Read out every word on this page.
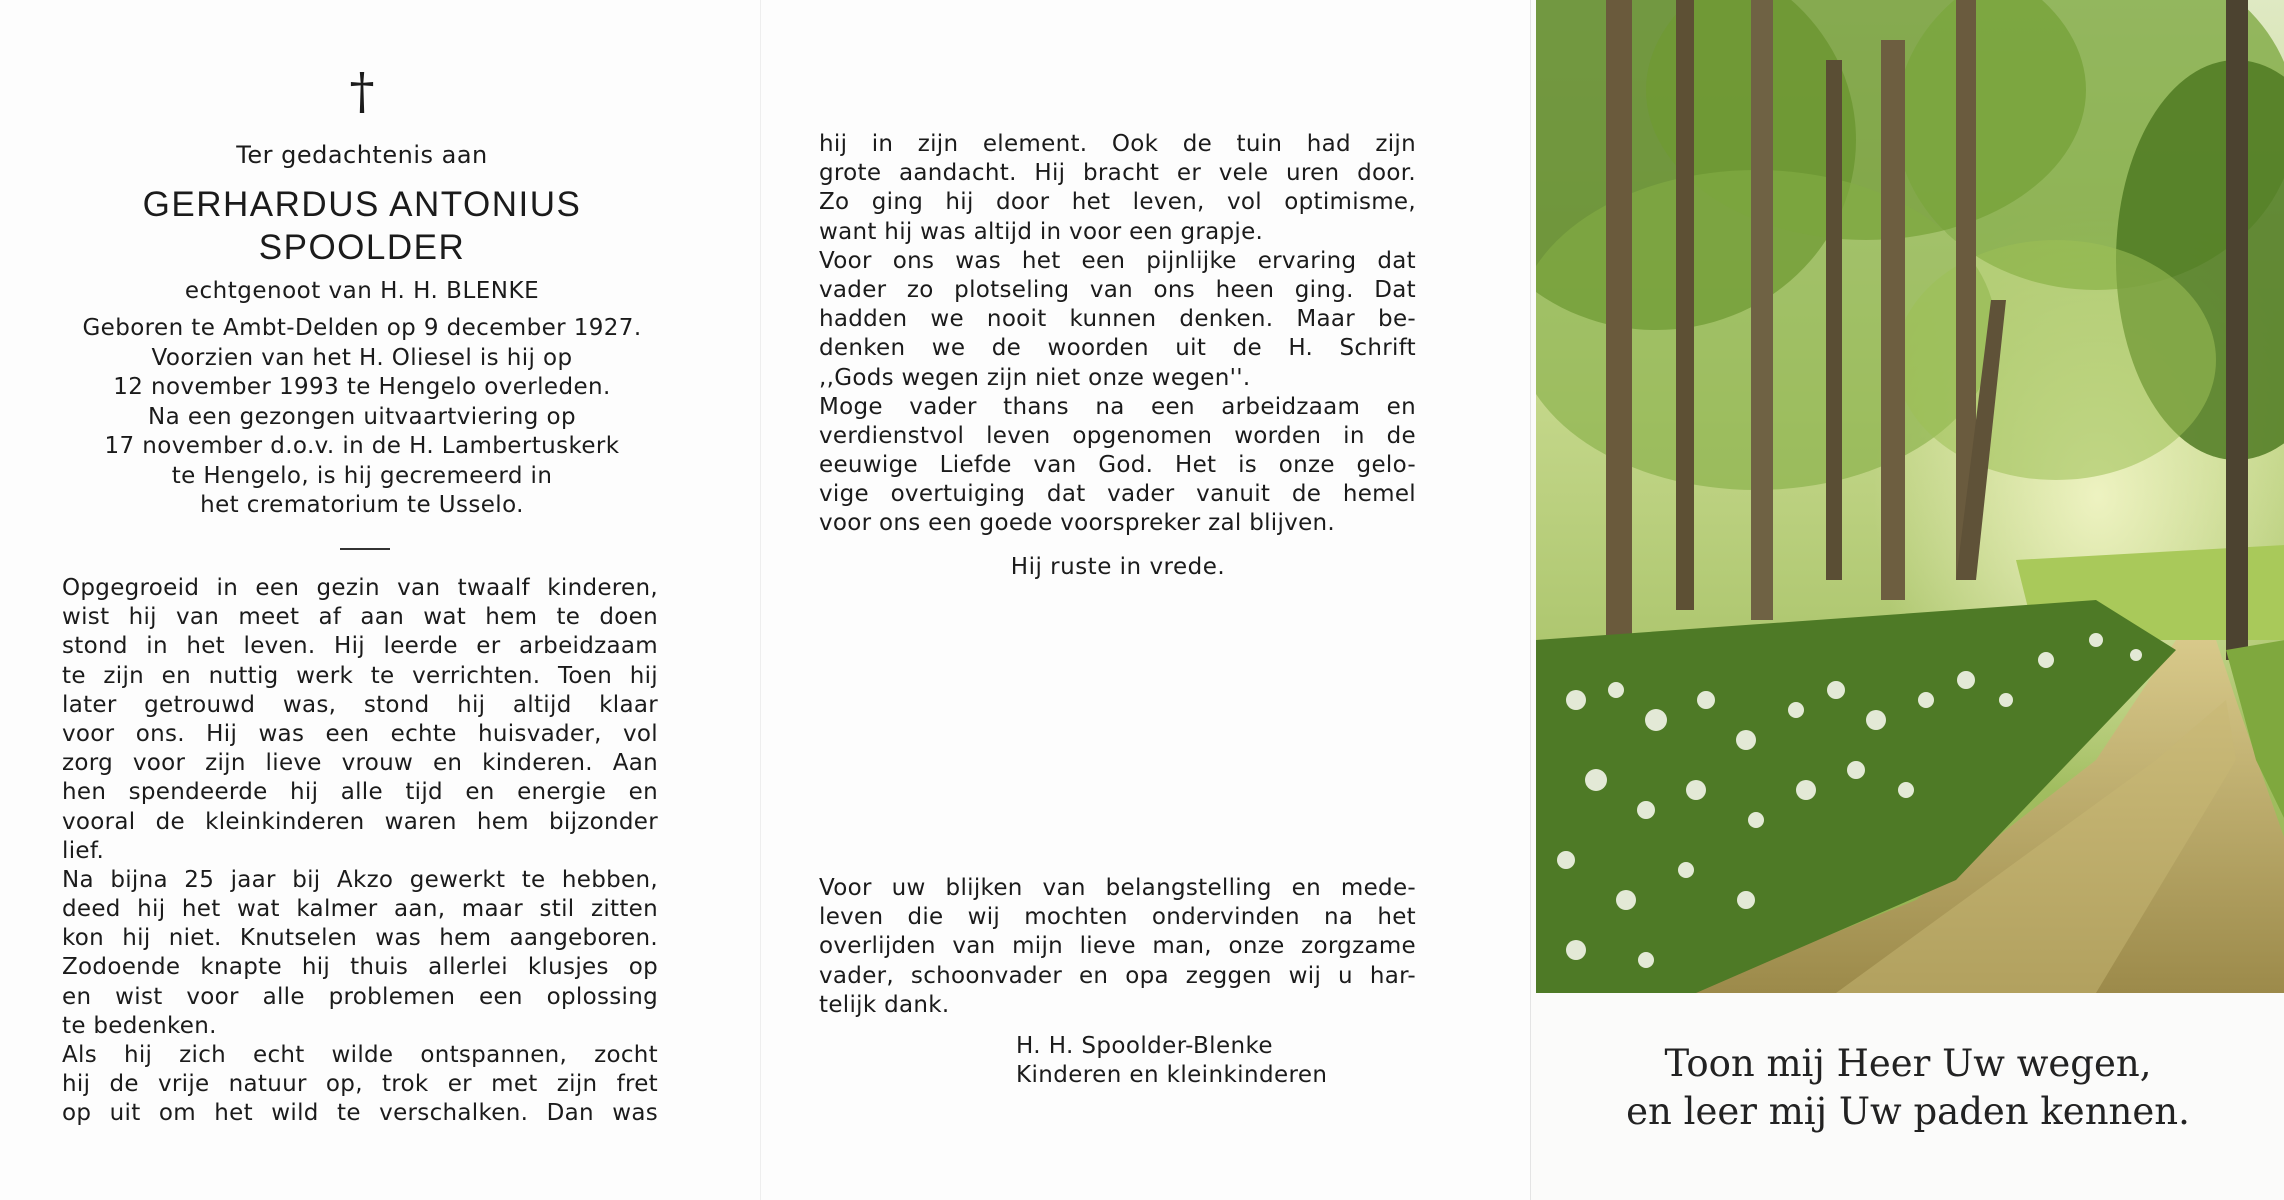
†
Ter gedachtenis aan
GERHARDUS ANTONIUS
SPOOLDER
echtgenoot van H. H. BLENKE
Geboren te Ambt-Delden op 9 december 1927.
Voorzien van het H. Oliesel is hij op
12 november 1993 te Hengelo overleden.
Na een gezongen uitvaartviering op
17 november d.o.v. in de H. Lambertuskerk
te Hengelo, is hij gecremeerd in
het crematorium te Usselo.
Opgegroeid in een gezin van twaalf kinderen,
wist hij van meet af aan wat hem te doen
stond in het leven. Hij leerde er arbeidzaam
te zijn en nuttig werk te verrichten. Toen hij
later getrouwd was, stond hij altijd klaar
voor ons. Hij was een echte huisvader, vol
zorg voor zijn lieve vrouw en kinderen. Aan
hen spendeerde hij alle tijd en energie en
vooral de kleinkinderen waren hem bijzonder
lief.
Na bijna 25 jaar bij Akzo gewerkt te hebben,
deed hij het wat kalmer aan, maar stil zitten
kon hij niet. Knutselen was hem aangeboren.
Zodoende knapte hij thuis allerlei klusjes op
en wist voor alle problemen een oplossing
te bedenken.
Als hij zich echt wilde ontspannen, zocht
hij de vrije natuur op, trok er met zijn fret
op uit om het wild te verschalken. Dan was
hij in zijn element. Ook de tuin had zijn
grote aandacht. Hij bracht er vele uren door.
Zo ging hij door het leven, vol optimisme,
want hij was altijd in voor een grapje.
Voor ons was het een pijnlijke ervaring dat
vader zo plotseling van ons heen ging. Dat
hadden we nooit kunnen denken. Maar be-
denken we de woorden uit de H. Schrift
,,Gods wegen zijn niet onze wegen''.
Moge vader thans na een arbeidzaam en
verdienstvol leven opgenomen worden in de
eeuwige Liefde van God. Het is onze gelo-
vige overtuiging dat vader vanuit de hemel
voor ons een goede voorspreker zal blijven.
Hij ruste in vrede.
Voor uw blijken van belangstelling en mede-
leven die wij mochten ondervinden na het
overlijden van mijn lieve man, onze zorgzame
vader, schoonvader en opa zeggen wij u har-
telijk dank.
H. H. Spoolder-Blenke
Kinderen en kleinkinderen	Toon mij Heer Uw wegen,
en leer mij Uw paden kennen.
